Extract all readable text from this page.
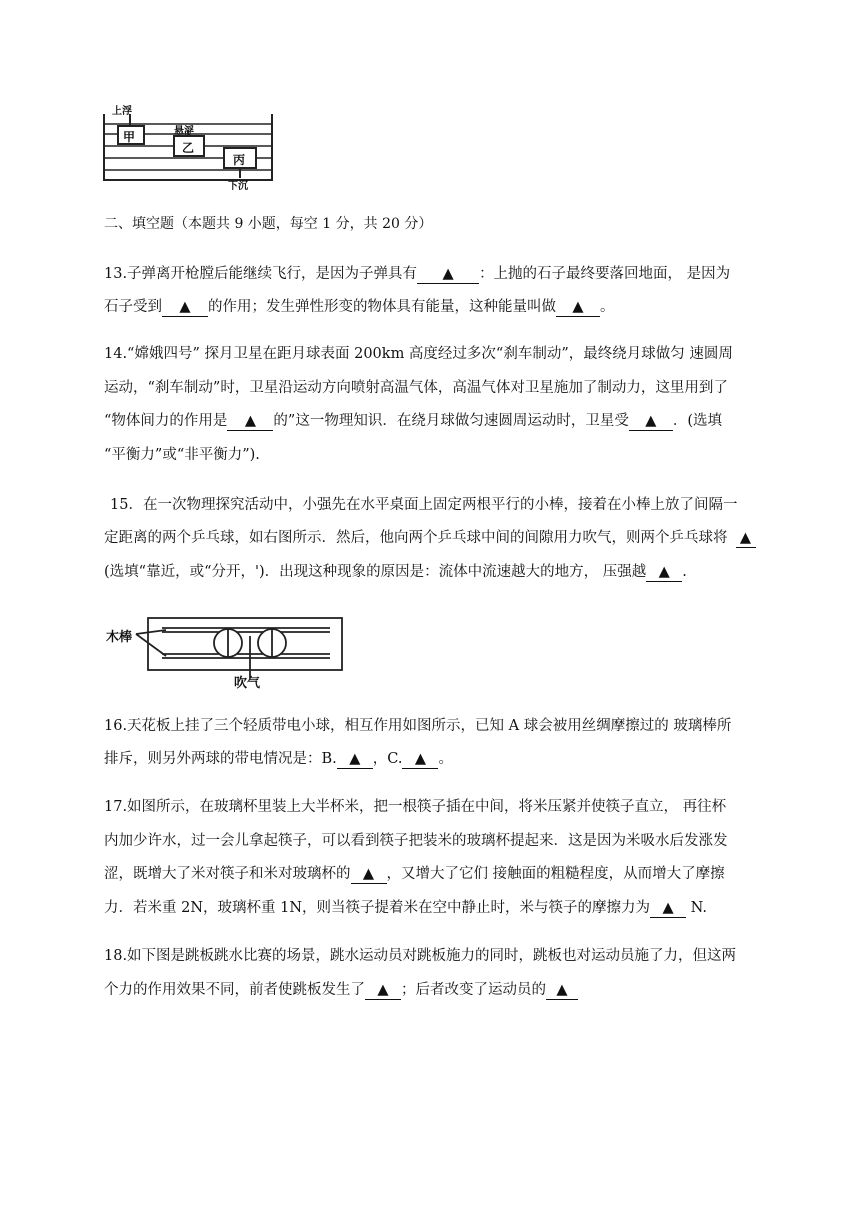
上浮
悬浮
下沉
甲
乙
丙
二、填空题（本题共 9 小题，每空 1 分，共 20 分）
13.子弹离开枪膛后能继续飞行，是因为子弹具有 ▲ ：上抛的石子最终要落回地面， 是因为
石子受到 ▲ 的作用；发生弹性形变的物体具有能量，这种能量叫做 ▲ 。
14.“嫦娥四号” 探月卫星在距月球表面 200km 高度经过多次“刹车制动”，最终绕月球做匀 速圆周
运动，“刹车制动”时，卫星沿运动方向喷射高温气体，高温气体对卫星施加了制动力，这里用到了
“物体间力的作用是 ▲ 的”这一物理知识．在绕月球做匀速圆周运动时，卫星受 ▲ ．(选填
“平衡力”或“非平衡力”).
15．在一次物理探究活动中，小强先在水平桌面上固定两根平行的小棒，接着在小棒上放了间隔一
定距离的两个乒乓球，如右图所示．然后，他向两个乒乓球中间的间隙用力吹气，则两个乒乓球将 ▲
(选填“靠近，或“分开，')．出现这种现象的原因是：流体中流速越大的地方， 压强越 ▲ .
木棒
吹气
16.天花板上挂了三个轻质带电小球，相互作用如图所示，已知 A 球会被用丝绸摩擦过的 玻璃棒所
排斥，则另外两球的带电情况是：B. ▲ ，C. ▲ 。
17.如图所示，在玻璃杯里装上大半杯米，把一根筷子插在中间，将米压紧并使筷子直立， 再往杯
内加少许水，过一会儿拿起筷子，可以看到筷子把装米的玻璃杯提起来．这是因为米吸水后发涨发
涩，既增大了米对筷子和米对玻璃杯的 ▲ ，又增大了它们 接触面的粗糙程度，从而增大了摩擦
力．若米重 2N，玻璃杯重 1N，则当筷子提着米在空中静止时，米与筷子的摩擦力为 ▲ N.
18.如下图是跳板跳水比赛的场景，跳水运动员对跳板施力的同时，跳板也对运动员施了力，但这两
个力的作用效果不同，前者使跳板发生了 ▲ ；后者改变了运动员的 ▲
